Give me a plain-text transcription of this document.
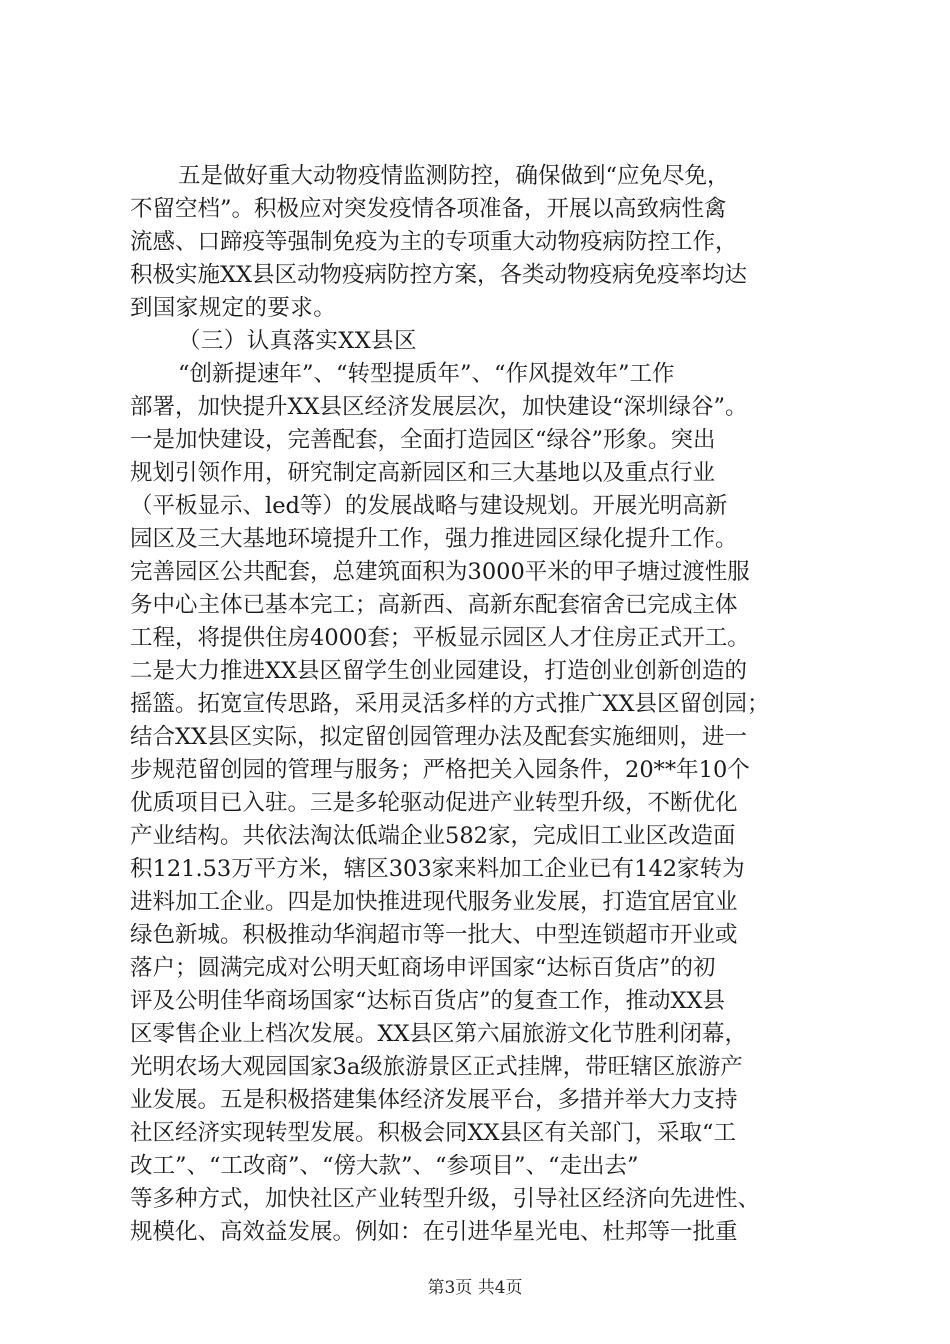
五是做好重大动物疫情监测防控，确保做到“应免尽免，
不留空档”。积极应对突发疫情各项准备，开展以高致病性禽
流感、口蹄疫等强制免疫为主的专项重大动物疫病防控工作，
积极实施XX县区动物疫病防控方案，各类动物疫病免疫率均达
到国家规定的要求。
（三）认真落实XX县区
“创新提速年”、“转型提质年”、“作风提效年”工作
部署，加快提升XX县区经济发展层次，加快建设“深圳绿谷”。
一是加快建设，完善配套，全面打造园区“绿谷”形象。突出
规划引领作用，研究制定高新园区和三大基地以及重点行业
（平板显示、led等）的发展战略与建设规划。开展光明高新
园区及三大基地环境提升工作，强力推进园区绿化提升工作。
完善园区公共配套，总建筑面积为3000平米的甲子塘过渡性服
务中心主体已基本完工；高新西、高新东配套宿舍已完成主体
工程，将提供住房4000套；平板显示园区人才住房正式开工。
二是大力推进XX县区留学生创业园建设，打造创业创新创造的
摇篮。拓宽宣传思路，采用灵活多样的方式推广XX县区留创园；
结合XX县区实际，拟定留创园管理办法及配套实施细则，进一
步规范留创园的管理与服务；严格把关入园条件，20**年10个
优质项目已入驻。三是多轮驱动促进产业转型升级，不断优化
产业结构。共依法淘汰低端企业582家，完成旧工业区改造面
积121.53万平方米，辖区303家来料加工企业已有142家转为
进料加工企业。四是加快推进现代服务业发展，打造宜居宜业
绿色新城。积极推动华润超市等一批大、中型连锁超市开业或
落户；圆满完成对公明天虹商场申评国家“达标百货店”的初
评及公明佳华商场国家“达标百货店”的复查工作，推动XX县
区零售企业上档次发展。XX县区第六届旅游文化节胜利闭幕，
光明农场大观园国家3a级旅游景区正式挂牌，带旺辖区旅游产
业发展。五是积极搭建集体经济发展平台，多措并举大力支持
社区经济实现转型发展。积极会同XX县区有关部门，采取“工
改工”、“工改商”、“傍大款”、“参项目”、“走出去”
等多种方式，加快社区产业转型升级，引导社区经济向先进性、
规模化、高效益发展。例如：在引进华星光电、杜邦等一批重
第3页 共4页
